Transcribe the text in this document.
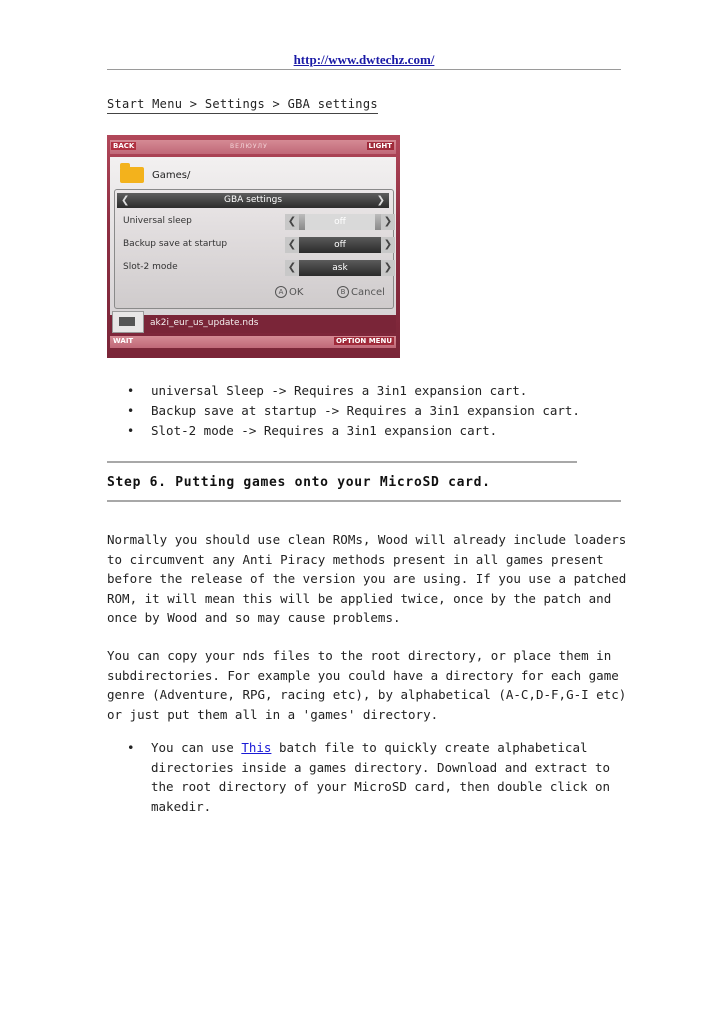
http://www.dwtechz.com/
Start Menu > Settings > GBA settings
BACK	ВЕЛЮУЛУ	LIGHT
Games/
❮	GBA settings	❯
Universal sleep	❮	off	❯
Backup save at startup	❮	off	❯
Slot-2 mode	❮	ask	❯
A OK	B Cancel
ak2i_eur_us_update.nds
WAIT	OPTION MENU
• universal Sleep -> Requires a 3in1 expansion cart.
• Backup save at startup -> Requires a 3in1 expansion cart.
• Slot-2 mode -> Requires a 3in1 expansion cart.
Step 6. Putting games onto your MicroSD card.

Normally you should use clean ROMs, Wood will already include loaders
to circumvent any Anti Piracy methods present in all games present
before the release of the version you are using. If you use a patched
ROM, it will mean this will be applied twice, once by the patch and
once by Wood and so may cause problems.

You can copy your nds files to the root directory, or place them in
subdirectories. For example you could have a directory for each game
genre (Adventure, RPG, racing etc), by alphabetical (A-C,D-F,G-I etc)
or just put them all in a 'games' directory.

• You can use This batch file to quickly create alphabetical
directories inside a games directory. Download and extract to
the root directory of your MicroSD card, then double click on
makedir.
